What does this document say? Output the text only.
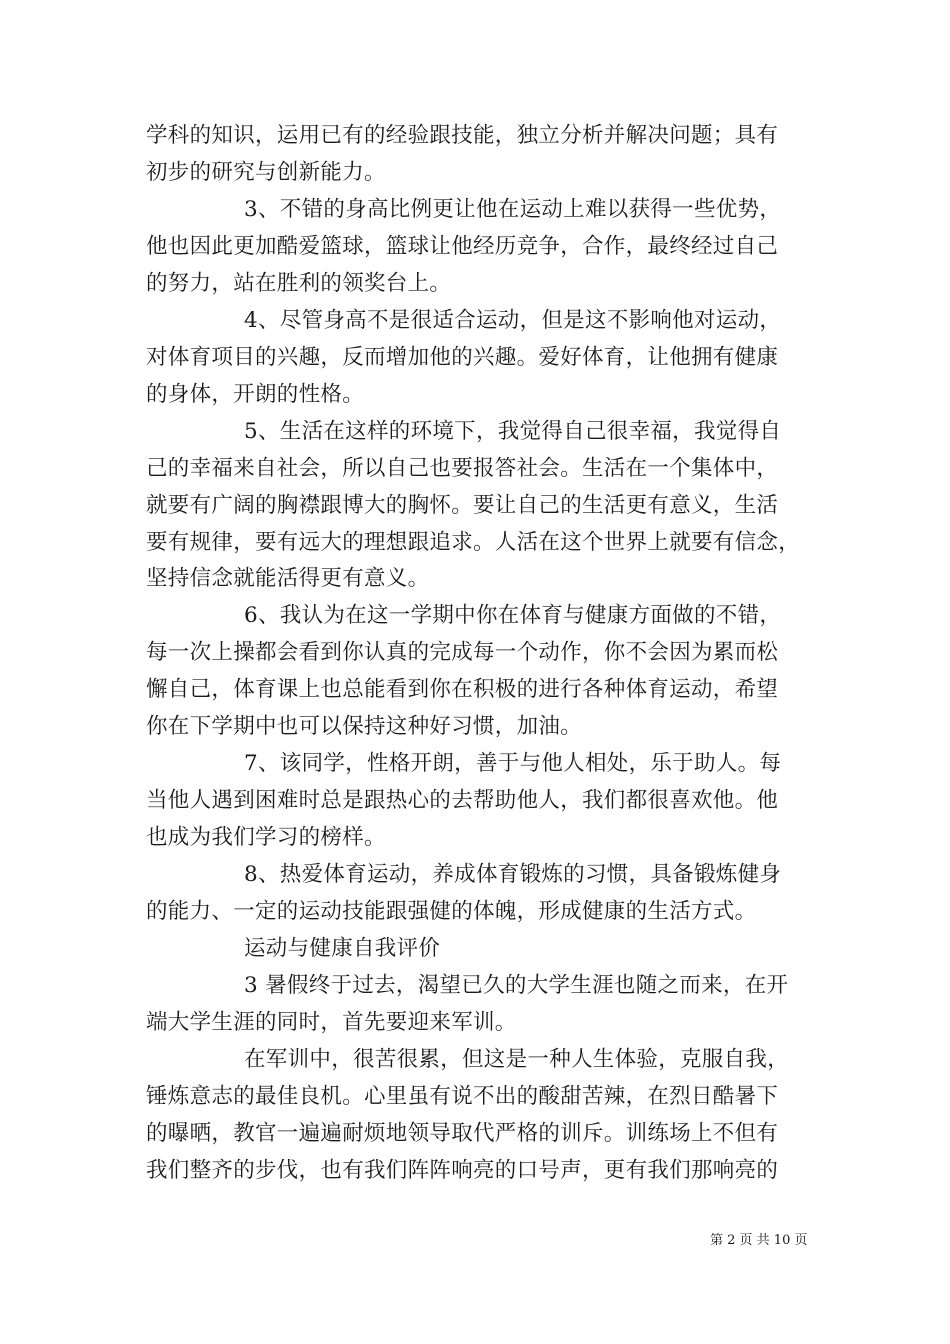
学科的知识，运用已有的经验跟技能，独立分析并解决问题；具有
初步的研究与创新能力。
3、不错的身高比例更让他在运动上难以获得一些优势，
他也因此更加酷爱篮球，篮球让他经历竞争，合作，最终经过自己
的努力，站在胜利的领奖台上。
4、尽管身高不是很适合运动，但是这不影响他对运动，
对体育项目的兴趣，反而增加他的兴趣。爱好体育，让他拥有健康
的身体，开朗的性格。
5、生活在这样的环境下，我觉得自己很幸福，我觉得自
己的幸福来自社会，所以自己也要报答社会。生活在一个集体中，
就要有广阔的胸襟跟博大的胸怀。要让自己的生活更有意义，生活
要有规律，要有远大的理想跟追求。人活在这个世界上就要有信念，
坚持信念就能活得更有意义。
6、我认为在这一学期中你在体育与健康方面做的不错，
每一次上操都会看到你认真的完成每一个动作，你不会因为累而松
懈自己，体育课上也总能看到你在积极的进行各种体育运动，希望
你在下学期中也可以保持这种好习惯，加油。
7、该同学，性格开朗，善于与他人相处，乐于助人。每
当他人遇到困难时总是跟热心的去帮助他人，我们都很喜欢他。他
也成为我们学习的榜样。
8、热爱体育运动，养成体育锻炼的习惯，具备锻炼健身
的能力、一定的运动技能跟强健的体魄，形成健康的生活方式。
运动与健康自我评价
3 暑假终于过去，渴望已久的大学生涯也随之而来，在开
端大学生涯的同时，首先要迎来军训。
在军训中，很苦很累，但这是一种人生体验，克服自我，
锤炼意志的最佳良机。心里虽有说不出的酸甜苦辣，在烈日酷暑下
的曝晒，教官一遍遍耐烦地领导取代严格的训斥。训练场上不但有
我们整齐的步伐，也有我们阵阵响亮的口号声，更有我们那响亮的
第 2 页 共 10 页
